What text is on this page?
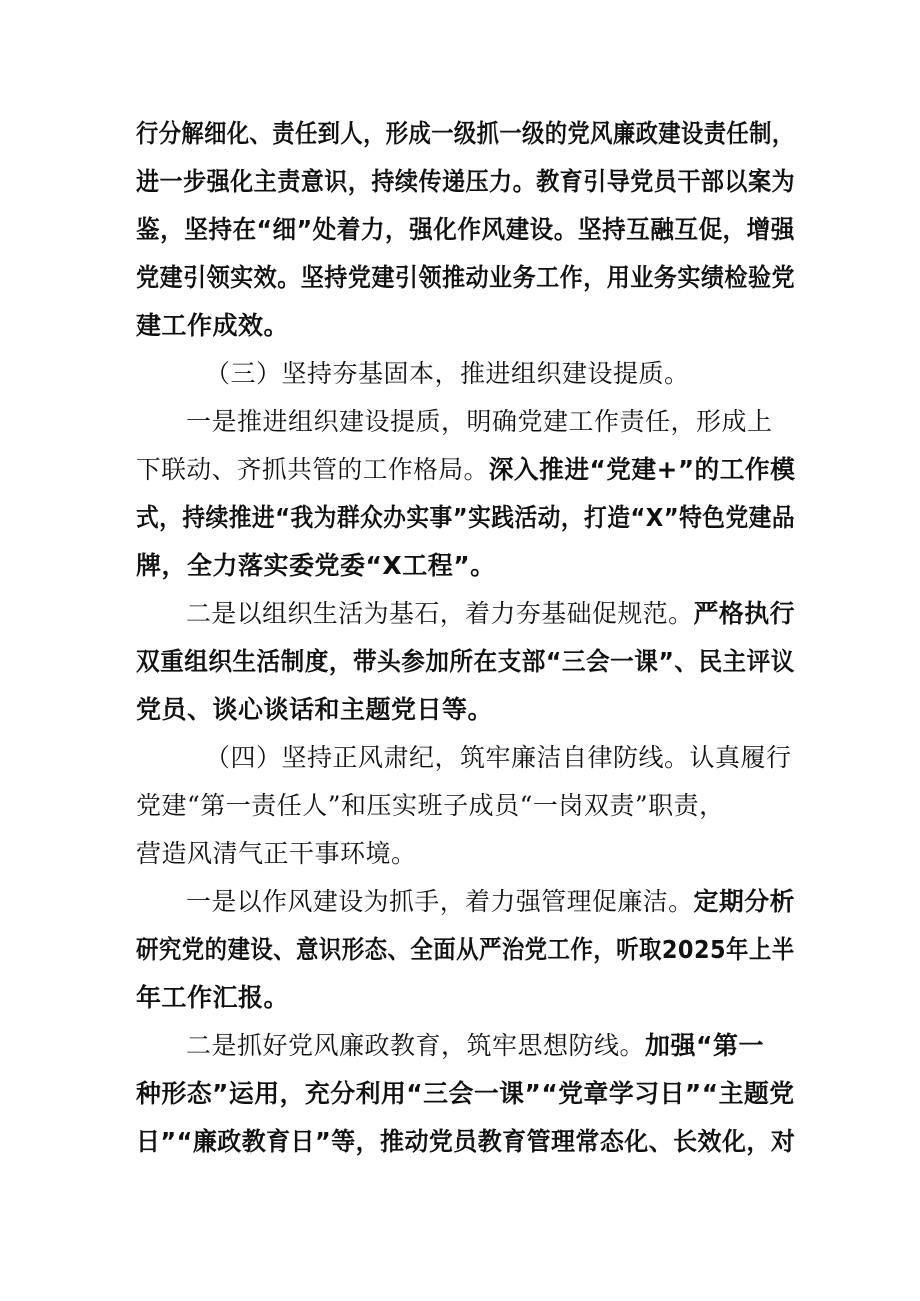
行分解细化、责任到人，形成一级抓一级的党风廉政建设责任制，
进一步强化主责意识，持续传递压力。教育引导党员干部以案为
鉴，坚持在“细”处着力，强化作风建设。坚持互融互促，增强
党建引领实效。坚持党建引领推动业务工作，用业务实绩检验党
建工作成效。
（三）坚持夯基固本，推进组织建设提质。
一是推进组织建设提质，明确党建工作责任，形成上
下联动、齐抓共管的工作格局。深入推进“党建+”的工作模
式，持续推进“我为群众办实事”实践活动，打造“X”特色党建品
牌，全力落实委党委“X工程”。
二是以组织生活为基石，着力夯基础促规范。严格执行
双重组织生活制度，带头参加所在支部“三会一课”、民主评议
党员、谈心谈话和主题党日等。
（四）坚持正风肃纪，筑牢廉洁自律防线。认真履行
党建“第一责任人”和压实班子成员“一岗双责”职责，
营造风清气正干事环境。
一是以作风建设为抓手，着力强管理促廉洁。定期分析
研究党的建设、意识形态、全面从严治党工作，听取2025年上半
年工作汇报。
二是抓好党风廉政教育，筑牢思想防线。加强“第一
种形态”运用，充分利用“三会一课”“党章学习日”“主题党
日”“廉政教育日”等，推动党员教育管理常态化、长效化，对
